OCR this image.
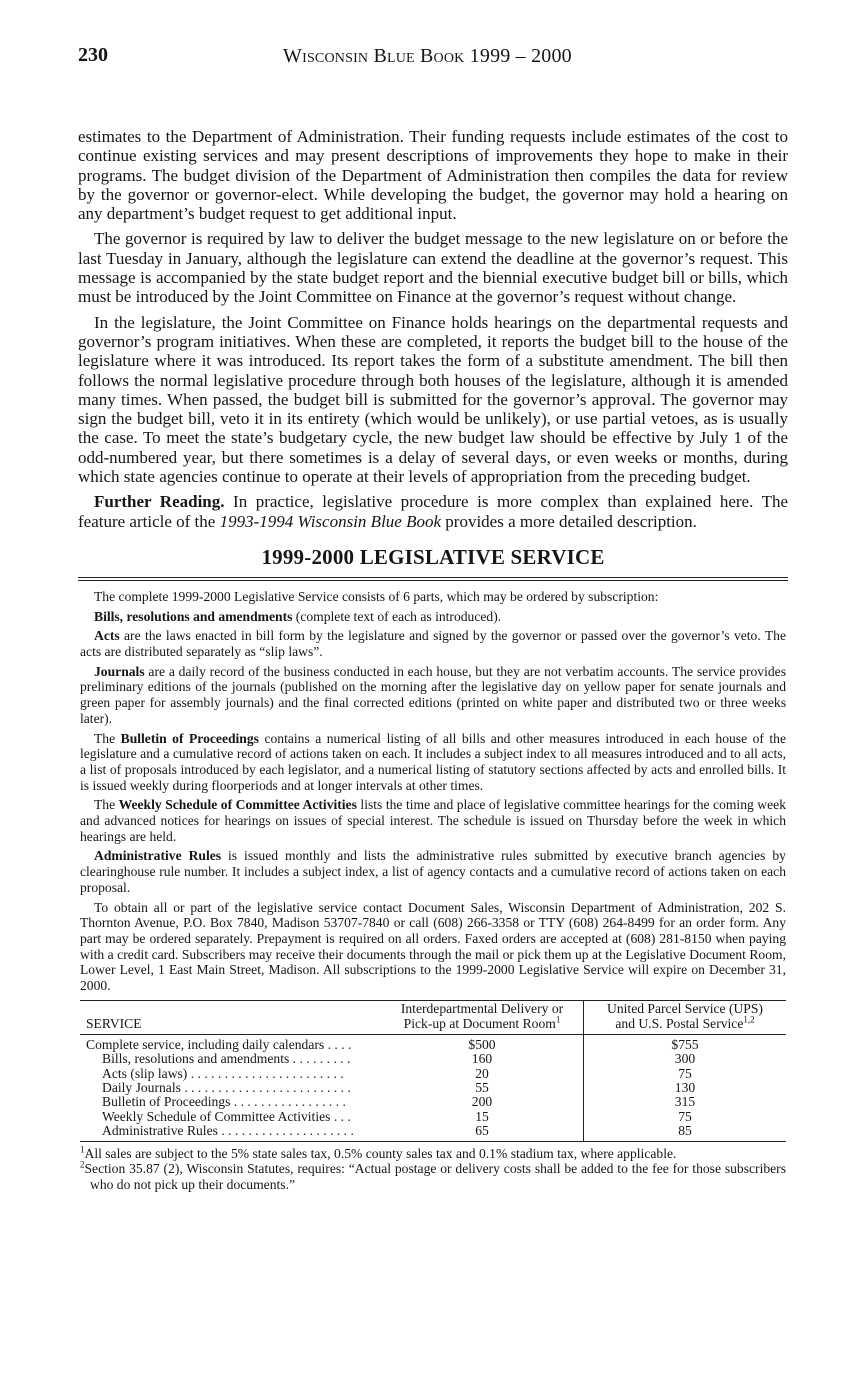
230	Wisconsin Blue Book 1999 – 2000

estimates to the Department of Administration. Their funding requests include estimates of the cost to continue existing services and may present descriptions of improvements they hope to make in their programs. The budget division of the Department of Administration then compiles the data for review by the governor or governor-elect. While developing the budget, the governor may hold a hearing on any department’s budget request to get additional input.

The governor is required by law to deliver the budget message to the new legislature on or before the last Tuesday in January, although the legislature can extend the deadline at the governor’s request. This message is accompanied by the state budget report and the biennial executive budget bill or bills, which must be introduced by the Joint Committee on Finance at the governor’s request without change.

In the legislature, the Joint Committee on Finance holds hearings on the departmental requests and governor’s program initiatives. When these are completed, it reports the budget bill to the house of the legislature where it was introduced. Its report takes the form of a substitute amendment. The bill then follows the normal legislative procedure through both houses of the legislature, although it is amended many times. When passed, the budget bill is submitted for the governor’s approval. The governor may sign the budget bill, veto it in its entirety (which would be unlikely), or use partial vetoes, as is usually the case. To meet the state’s budgetary cycle, the new budget law should be effective by July 1 of the odd-numbered year, but there sometimes is a delay of several days, or even weeks or months, during which state agencies continue to operate at their levels of appropriation from the preceding budget.

Further Reading. In practice, legislative procedure is more complex than explained here. The feature article of the 1993-1994 Wisconsin Blue Book provides a more detailed description.

1999-2000 LEGISLATIVE SERVICE

The complete 1999-2000 Legislative Service consists of 6 parts, which may be ordered by subscription:

Bills, resolutions and amendments (complete text of each as introduced).

Acts are the laws enacted in bill form by the legislature and signed by the governor or passed over the governor’s veto. The acts are distributed separately as “slip laws”.

Journals are a daily record of the business conducted in each house, but they are not verbatim accounts. The service provides preliminary editions of the journals (published on the morning after the legislative day on yellow paper for senate journals and green paper for assembly journals) and the final corrected editions (printed on white paper and distributed two or three weeks later).

The Bulletin of Proceedings contains a numerical listing of all bills and other measures introduced in each house of the legislature and a cumulative record of actions taken on each. It includes a subject index to all measures introduced and to all acts, a list of proposals introduced by each legislator, and a numerical listing of statutory sections affected by acts and enrolled bills. It is issued weekly during floorperiods and at longer intervals at other times.

The Weekly Schedule of Committee Activities lists the time and place of legislative committee hearings for the coming week and advanced notices for hearings on issues of special interest. The schedule is issued on Thursday before the week in which hearings are held.

Administrative Rules is issued monthly and lists the administrative rules submitted by executive branch agencies by clearinghouse rule number. It includes a subject index, a list of agency contacts and a cumulative record of actions taken on each proposal.

To obtain all or part of the legislative service contact Document Sales, Wisconsin Department of Administration, 202 S. Thornton Avenue, P.O. Box 7840, Madison 53707-7840 or call (608) 266-3358 or TTY (608) 264-8499 for an order form. Any part may be ordered separately. Prepayment is required on all orders. Faxed orders are accepted at (608) 281-8150 when paying with a credit card. Subscribers may receive their documents through the mail or pick them up at the Legislative Document Room, Lower Level, 1 East Main Street, Madison. All subscriptions to the 1999-2000 Legislative Service will expire on December 31, 2000.

SERVICE	Interdepartmental Delivery or
Pick-up at Document Room$^1$	United Parcel Service (UPS)
and U.S. Postal Service$^{1,2}$
Complete service, including daily calendars . . . .	$500	$755
Bills, resolutions and amendments . . . . . . . . .	160	300
Acts (slip laws) . . . . . . . . . . . . . . . . . . . . . . .	20	75
Daily Journals . . . . . . . . . . . . . . . . . . . . . . . . .	55	130
Bulletin of Proceedings . . . . . . . . . . . . . . . . .	200	315
Weekly Schedule of Committee Activities . . .	15	75
Administrative Rules . . . . . . . . . . . . . . . . . . . .	65	85

$^1$All sales are subject to the 5% state sales tax, 0.5% county sales tax and 0.1% stadium tax, where applicable.

$^2$Section 35.87 (2), Wisconsin Statutes, requires: “Actual postage or delivery costs shall be added to the fee for those subscribers who do not pick up their documents.”
